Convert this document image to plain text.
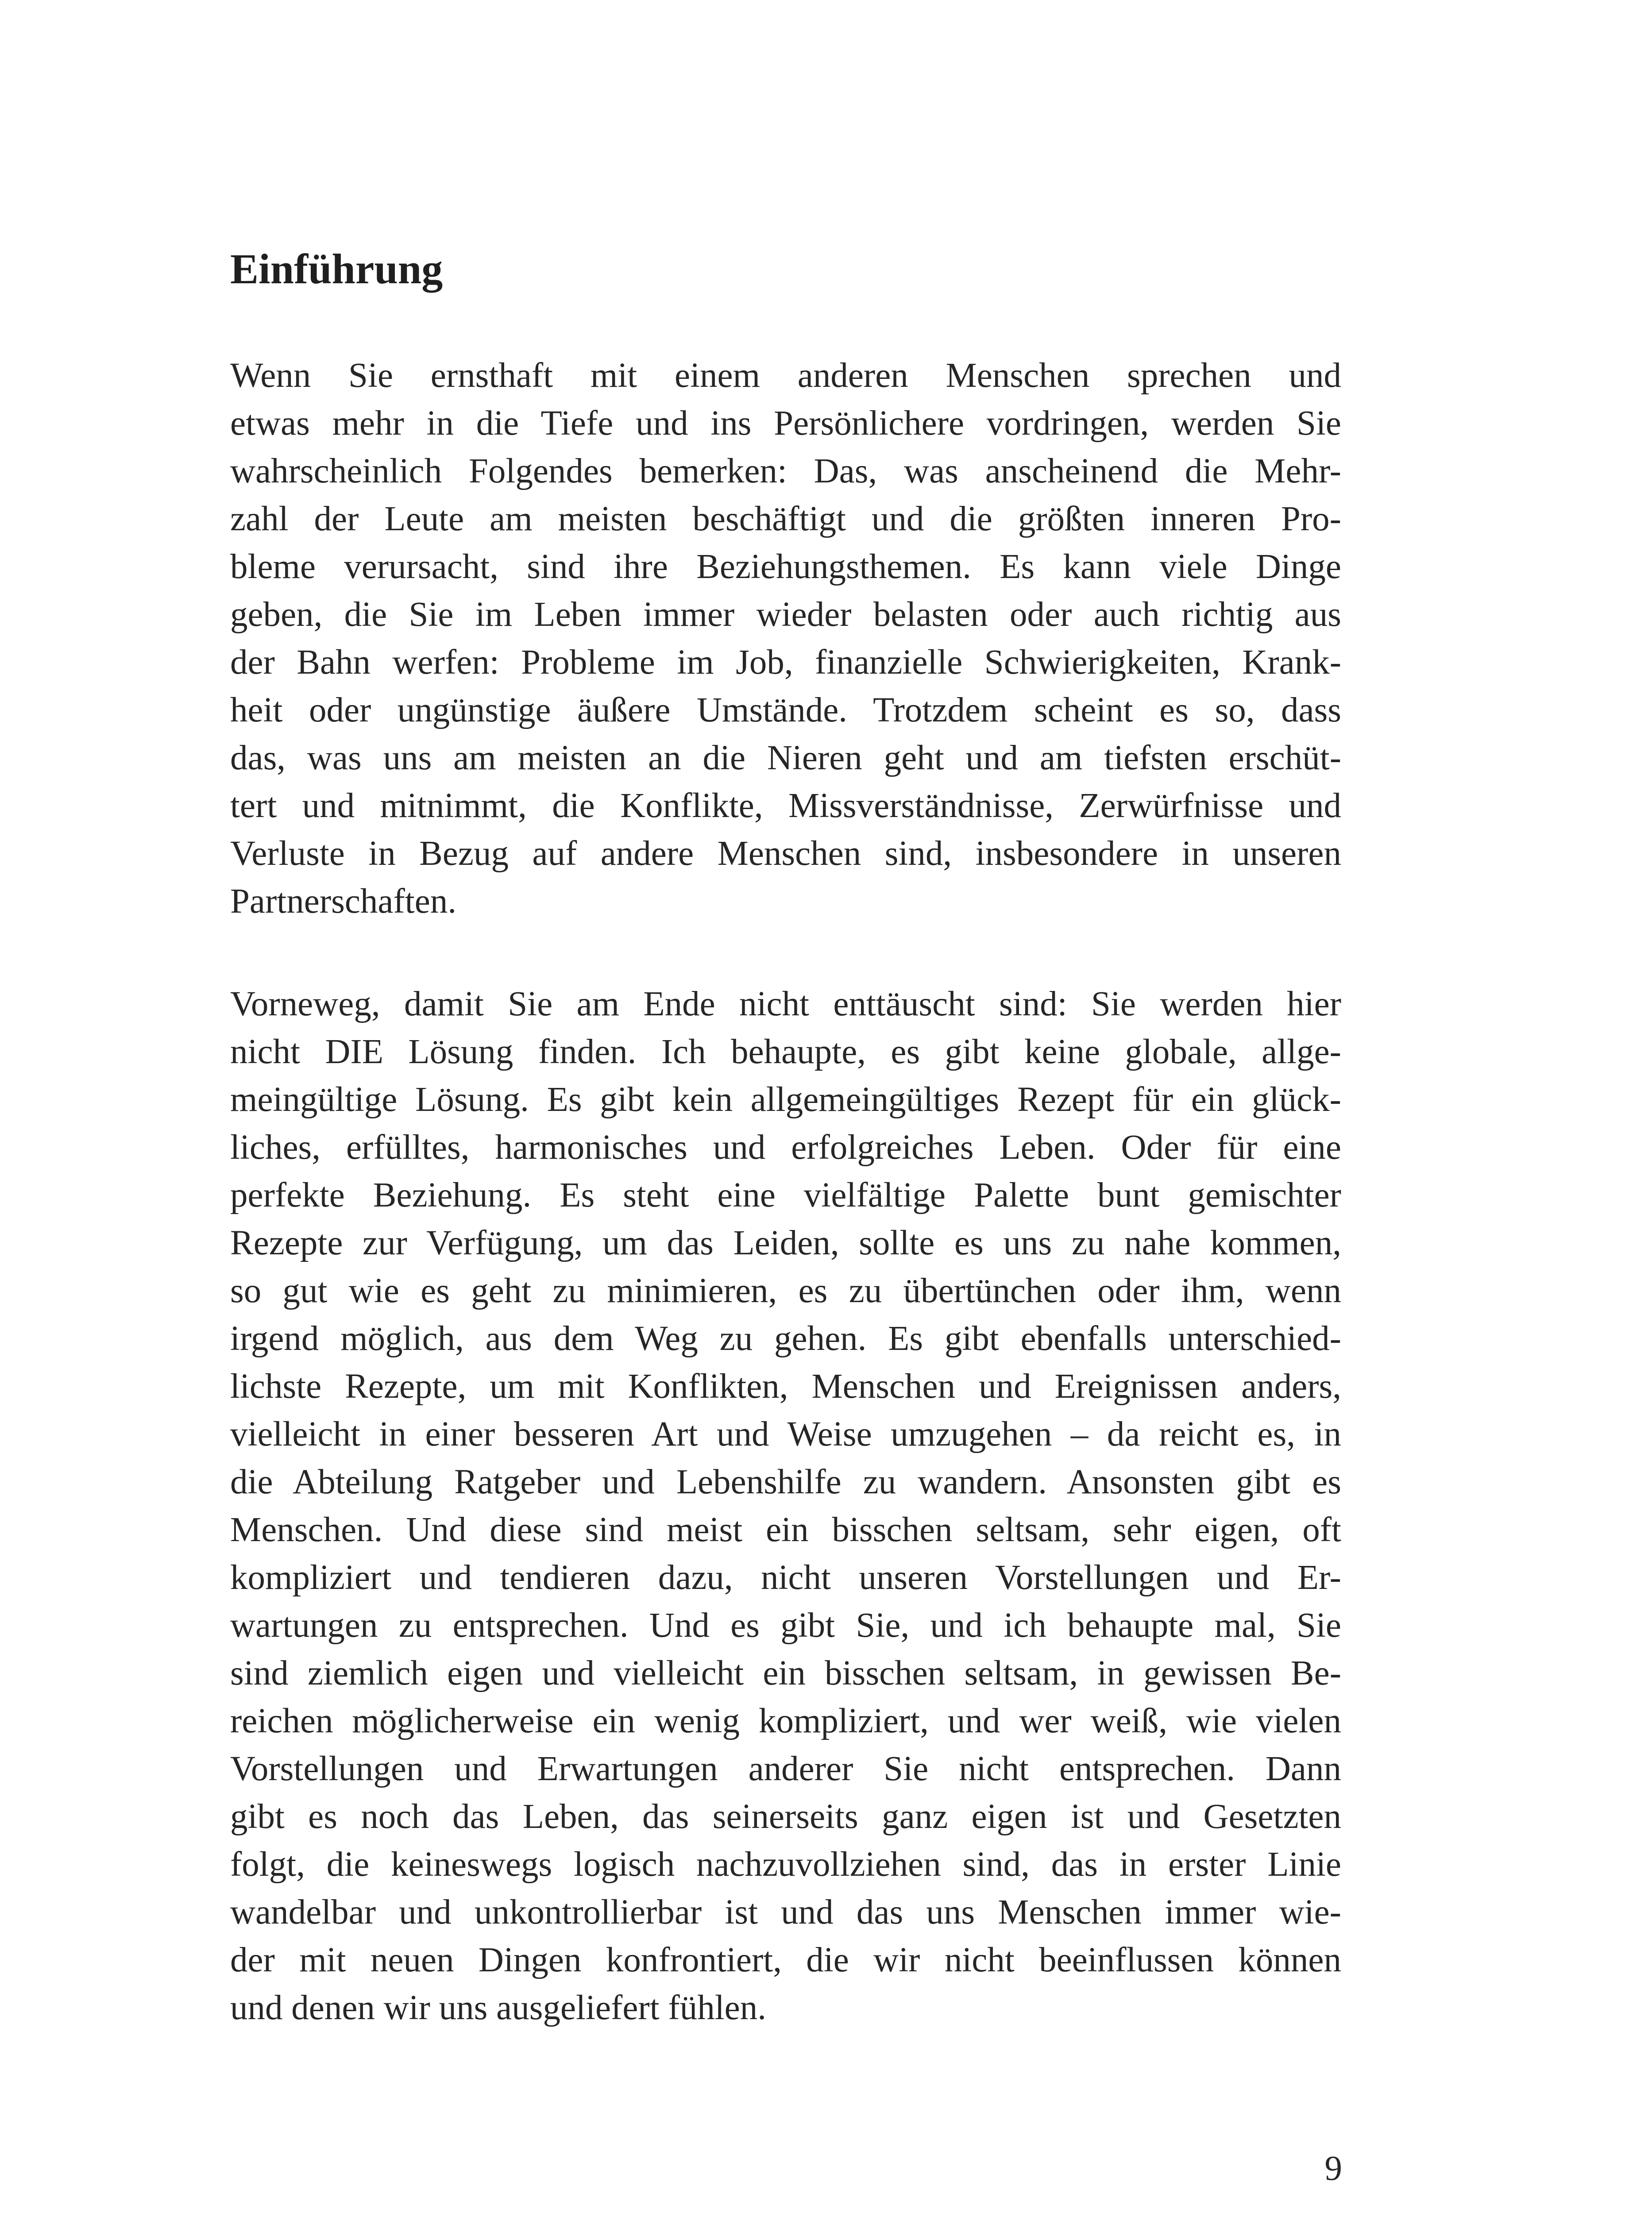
Einführung
Wenn Sie ernsthaft mit einem anderen Menschen sprechen und
etwas mehr in die Tiefe und ins Persönlichere vordringen, werden Sie
wahrscheinlich Folgendes bemerken: Das, was anscheinend die Mehr-
zahl der Leute am meisten beschäftigt und die größten inneren Pro-
bleme verursacht, sind ihre Beziehungsthemen. Es kann viele Dinge
geben, die Sie im Leben immer wieder belasten oder auch richtig aus
der Bahn werfen: Probleme im Job, finanzielle Schwierigkeiten, Krank-
heit oder ungünstige äußere Umstände. Trotzdem scheint es so, dass
das, was uns am meisten an die Nieren geht und am tiefsten erschüt-
tert und mitnimmt, die Konflikte, Missverständnisse, Zerwürfnisse und
Verluste in Bezug auf andere Menschen sind, insbesondere in unseren
Partnerschaften.
Vorneweg, damit Sie am Ende nicht enttäuscht sind: Sie werden hier
nicht DIE Lösung finden. Ich behaupte, es gibt keine globale, allge-
meingültige Lösung. Es gibt kein allgemeingültiges Rezept für ein glück-
liches, erfülltes, harmonisches und erfolgreiches Leben. Oder für eine
perfekte Beziehung. Es steht eine vielfältige Palette bunt gemischter
Rezepte zur Verfügung, um das Leiden, sollte es uns zu nahe kommen,
so gut wie es geht zu minimieren, es zu übertünchen oder ihm, wenn
irgend möglich, aus dem Weg zu gehen. Es gibt ebenfalls unterschied-
lichste Rezepte, um mit Konflikten, Menschen und Ereignissen anders,
vielleicht in einer besseren Art und Weise umzugehen – da reicht es, in
die Abteilung Ratgeber und Lebenshilfe zu wandern. Ansonsten gibt es
Menschen. Und diese sind meist ein bisschen seltsam, sehr eigen, oft
kompliziert und tendieren dazu, nicht unseren Vorstellungen und Er-
wartungen zu entsprechen. Und es gibt Sie, und ich behaupte mal, Sie
sind ziemlich eigen und vielleicht ein bisschen seltsam, in gewissen Be-
reichen möglicherweise ein wenig kompliziert, und wer weiß, wie vielen
Vorstellungen und Erwartungen anderer Sie nicht entsprechen. Dann
gibt es noch das Leben, das seinerseits ganz eigen ist und Gesetzten
folgt, die keineswegs logisch nachzuvollziehen sind, das in erster Linie
wandelbar und unkontrollierbar ist und das uns Menschen immer wie-
der mit neuen Dingen konfrontiert, die wir nicht beeinflussen können
und denen wir uns ausgeliefert fühlen.

9
